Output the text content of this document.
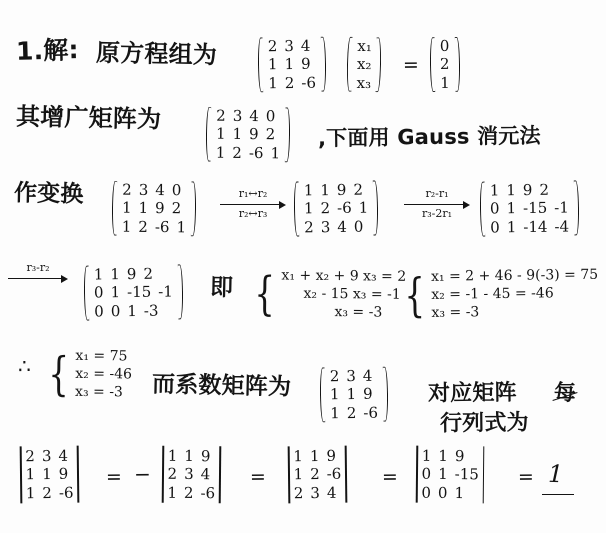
1.解: 原方程组为	2 3 4
1 1 9
1 2 -6
x₁
x₂
x₃
=
0
2
1
其增广矩阵为	2 3 4 0
1 1 9 2
1 2 -6 1
,下面用 Gauss 消元法
作变换	2 3 4 0
1 1 9 2
1 2 -6 1
r₁↔r₂
r₂↔r₃
1 1 9 2
1 2 -6 1
2 3 4 0
r₂-r₁
r₃-2r₁
1 1 9 2
0 1 -15 -1
0 1 -14 -4
r₃-r₂	1 1 9 2
0 1 -15 -1
0 0 1 -3
即 { x₁ + x₂ + 9 x₃ = 2
x₂ - 15 x₃ = -1
x₃ = -3 { x₁ = 2 + 46 - 9(-3) = 75
x₂ = -1 - 45 = -46
x₃ = -3
∴ { x₁ = 75
x₂ = -46
x₃ = -3	而系数矩阵为	2 3 4
1 1 9
1 2 -6
对应矩阵 每
行列式为
2 3 4
1 1 9
1 2 -6
= −
1 1 9
2 3 4
1 2 -6
=
1 1 9
1 2 -6
2 3 4
=
1 1 9
0 1 -15
0 0 1
= 1
